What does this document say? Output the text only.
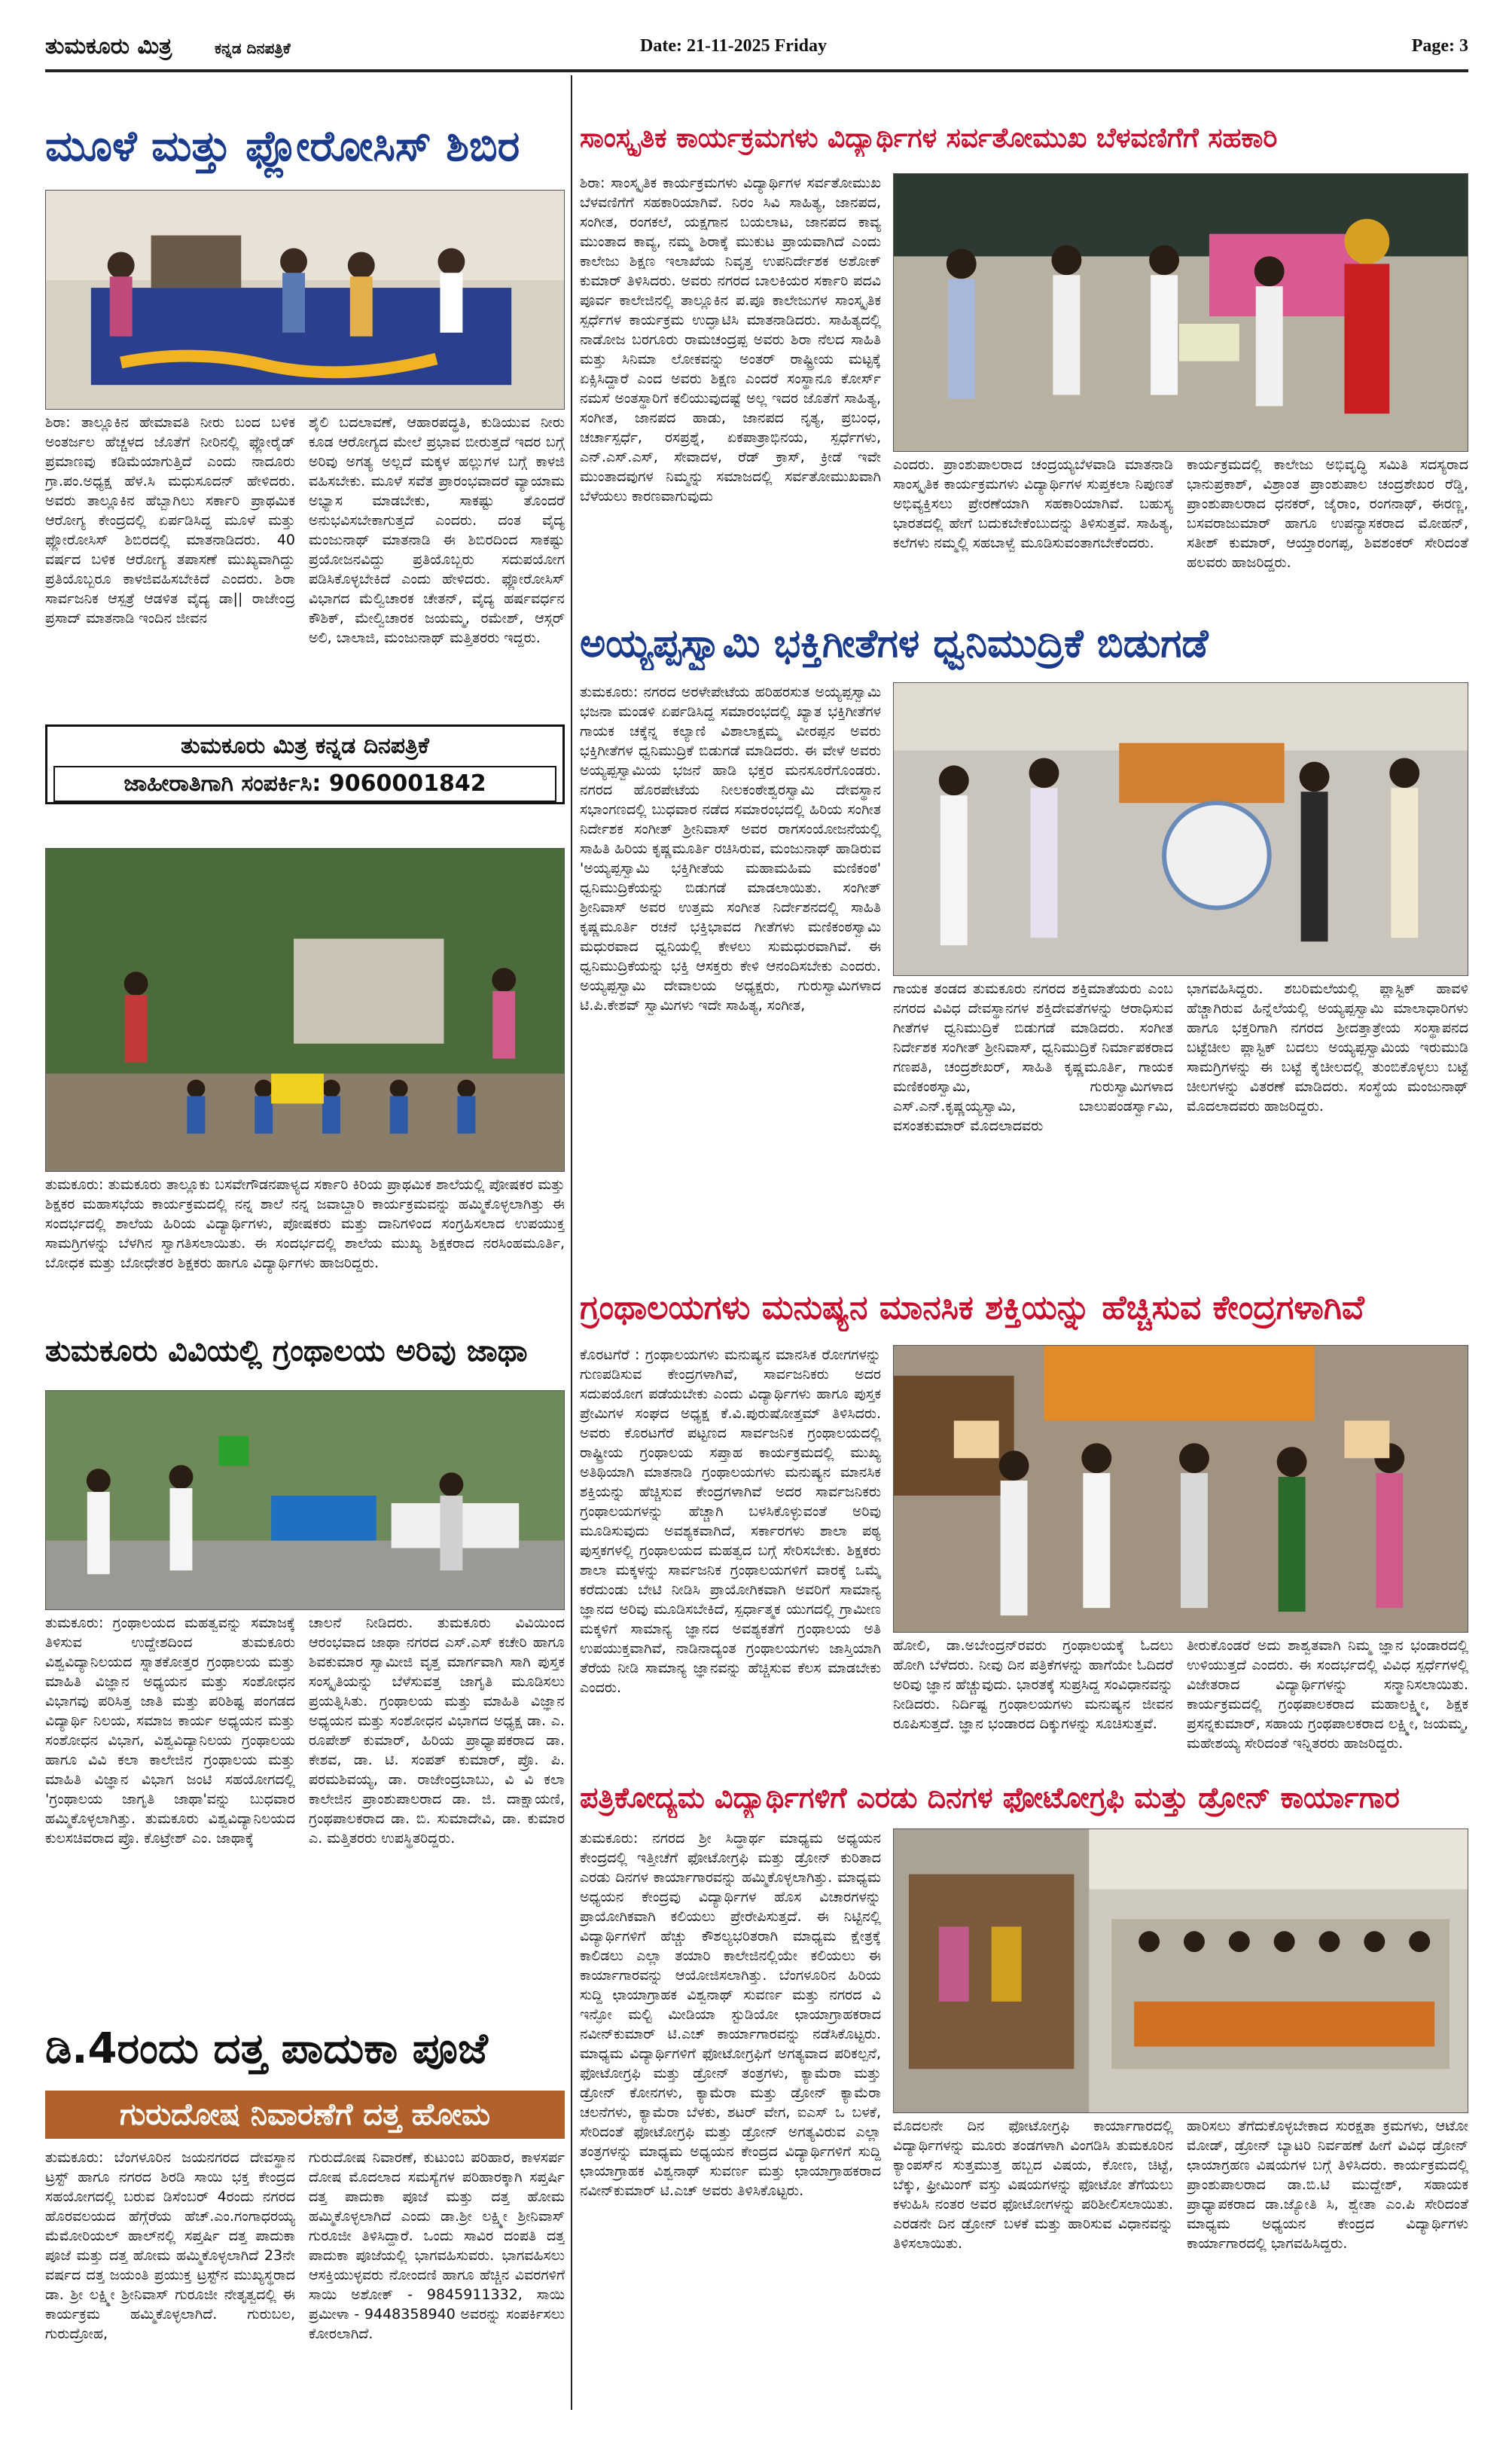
ತುಮಕೂರು ಮಿತ್ರ	ಕನ್ನಡ ದಿನಪತ್ರಿಕೆ	Date: 21-11-2025 Friday	Page: 3
ಮೂಳೆ ಮತ್ತು ಫ್ಲೋರೋಸಿಸ್ ಶಿಬಿರ
ಶಿರಾ: ತಾಲ್ಲೂಕಿನ ಹೇಮಾವತಿ ನೀರು ಬಂದ ಬಳಿಕ ಅಂತರ್ಜಲ ಹೆಚ್ಚಳದ ಜೊತೆಗೆ ನೀರಿನಲ್ಲಿ ಫ್ಲೋರೈಡ್ ಪ್ರಮಾಣವು ಕಡಿಮೆಯಾಗುತ್ತಿದೆ ಎಂದು ನಾದೂರು ಗ್ರಾ.ಪಂ.ಅಧ್ಯಕ್ಷ ಹೆಳ.ಸಿ ಮಧುಸೂದನ್ ಹೇಳಿದರು. ಅವರು ತಾಲ್ಲೂಕಿನ ಹೆಬ್ಬಾಗಿಲು ಸರ್ಕಾರಿ ಪ್ರಾಥಮಿಕ ಆರೋಗ್ಯ ಕೇಂದ್ರದಲ್ಲಿ ಏರ್ಪಡಿಸಿದ್ದ ಮೂಳೆ ಮತ್ತು ಫ್ಲೋರೋಸಿಸ್ ಶಿಬಿರದಲ್ಲಿ ಮಾತನಾಡಿದರು. 40 ವರ್ಷದ ಬಳಿಕ ಆರೋಗ್ಯ ತಪಾಸಣೆ ಮುಖ್ಯವಾಗಿದ್ದು ಪ್ರತಿಯೊಬ್ಬರೂ ಕಾಳಜಿವಹಿಸಬೇಕಿದೆ ಎಂದರು. ಶಿರಾ ಸಾರ್ವಜನಿಕ ಆಸ್ಪತ್ರೆ ಆಡಳಿತ ವೈದ್ಯ ಡಾ|| ರಾಜೇಂದ್ರ ಪ್ರಸಾದ್ ಮಾತನಾಡಿ ಇಂದಿನ ಜೀವನ
ಶೈಲಿ ಬದಲಾವಣೆ, ಆಹಾರಪದ್ಧತಿ, ಕುಡಿಯುವ ನೀರು ಕೂಡ ಆರೋಗ್ಯದ ಮೇಲೆ ಪ್ರಭಾವ ಬೀರುತ್ತದೆ ಇದರ ಬಗ್ಗೆ ಅರಿವು ಅಗತ್ಯ ಅಲ್ಲದೆ ಮಕ್ಕಳ ಹಲ್ಲುಗಳ ಬಗ್ಗೆ ಕಾಳಜಿ ವಹಿಸಬೇಕು. ಮೂಳೆ ಸವೆತ ಪ್ರಾರಂಭವಾದರೆ ವ್ಯಾಯಾಮ ಅಭ್ಯಾಸ ಮಾಡಬೇಕು, ಸಾಕಷ್ಟು ತೊಂದರೆ ಅನುಭವಿಸಬೇಕಾಗುತ್ತದೆ ಎಂದರು. ದಂತ ವೈದ್ಯ ಮಂಜುನಾಥ್ ಮಾತನಾಡಿ ಈ ಶಿಬಿರದಿಂದ ಸಾಕಷ್ಟು ಪ್ರಯೋಜನವಿದ್ದು ಪ್ರತಿಯೊಬ್ಬರು ಸದುಪಯೋಗ ಪಡಿಸಿಕೊಳ್ಳಬೇಕಿದೆ ಎಂದು ಹೇಳಿದರು. ಫ್ಲೋರೋಸಿಸ್ ವಿಭಾಗದ ಮೆಲ್ವಿಚಾರಕ ಚೇತನ್, ವೈದ್ಯ ಹರ್ಷವರ್ಧನ ಕೌಶಿಕ್, ಮೇಲ್ವಿಚಾರಕ ಜಯಮ್ಮ, ರಮೇಶ್, ಆಸ್ಗರ್ ಅಲಿ, ಬಾಲಾಜಿ, ಮಂಜುನಾಥ್ ಮತ್ತಿತರರು ಇದ್ದರು.
ತುಮಕೂರು ಮಿತ್ರ ಕನ್ನಡ ದಿನಪತ್ರಿಕೆ
ಜಾಹೀರಾತಿಗಾಗಿ ಸಂಪರ್ಕಿಸಿ: 9060001842
ತುಮಕೂರು: ತುಮಕೂರು ತಾಲ್ಲೂಕು ಬಸವೇಗೌಡನಪಾಳ್ಯದ ಸರ್ಕಾರಿ ಕಿರಿಯ ಪ್ರಾಥಮಿಕ ಶಾಲೆಯಲ್ಲಿ ಪೋಷಕರ ಮತ್ತು ಶಿಕ್ಷಕರ ಮಹಾಸಭೆಯ ಕಾರ್ಯಕ್ರಮದಲ್ಲಿ ನನ್ನ ಶಾಲೆ ನನ್ನ ಜವಾಬ್ದಾರಿ ಕಾರ್ಯಕ್ರಮವನ್ನು ಹಮ್ಮಿಕೊಳ್ಳಲಾಗಿತ್ತು ಈ ಸಂದರ್ಭದಲ್ಲಿ ಶಾಲೆಯ ಹಿರಿಯ ವಿದ್ಯಾರ್ಥಿಗಳು, ಪೋಷಕರು ಮತ್ತು ದಾನಿಗಳಿಂದ ಸಂಗ್ರಹಿಸಲಾದ ಉಪಯುಕ್ತ ಸಾಮಗ್ರಿಗಳನ್ನು ಬೆಳಗಿನ ಸ್ವಾಗತಿಸಲಾಯಿತು. ಈ ಸಂದರ್ಭದಲ್ಲಿ ಶಾಲೆಯ ಮುಖ್ಯ ಶಿಕ್ಷಕರಾದ ನರಸಿಂಹಮೂರ್ತಿ, ಬೋಧಕ ಮತ್ತು ಬೋಧೇತರ ಶಿಕ್ಷಕರು ಹಾಗೂ ವಿದ್ಯಾರ್ಥಿಗಳು ಹಾಜರಿದ್ದರು.
ತುಮಕೂರು ವಿವಿಯಲ್ಲಿ ಗ್ರಂಥಾಲಯ ಅರಿವು ಜಾಥಾ
ತುಮಕೂರು: ಗ್ರಂಥಾಲಯದ ಮಹತ್ವವನ್ನು ಸಮಾಜಕ್ಕೆ ತಿಳಿಸುವ ಉದ್ದೇಶದಿಂದ ತುಮಕೂರು ವಿಶ್ವವಿದ್ಯಾನಿಲಯದ ಸ್ನಾತಕೋತ್ತರ ಗ್ರಂಥಾಲಯ ಮತ್ತು ಮಾಹಿತಿ ವಿಜ್ಞಾನ ಅಧ್ಯಯನ ಮತ್ತು ಸಂಶೋಧನ ವಿಭಾಗವು ಪರಿಸಿತ್ತ ಜಾತಿ ಮತ್ತು ಪರಿಶಿಷ್ಟ ಪಂಗಡದ ವಿದ್ಯಾರ್ಥಿ ನಿಲಯ, ಸಮಾಜ ಕಾರ್ಯ ಅಧ್ಯಯನ ಮತ್ತು ಸಂಶೋಧನ ವಿಭಾಗ, ವಿಶ್ವವಿದ್ಯಾನಿಲಯ ಗ್ರಂಥಾಲಯ ಹಾಗೂ ವಿವಿ ಕಲಾ ಕಾಲೇಜಿನ ಗ್ರಂಥಾಲಯ ಮತ್ತು ಮಾಹಿತಿ ವಿಜ್ಞಾನ ವಿಭಾಗ ಜಂಟಿ ಸಹಯೋಗದಲ್ಲಿ 'ಗ್ರಂಥಾಲಯ ಜಾಗೃತಿ ಜಾಥಾ'ವನ್ನು ಬುಧವಾರ ಹಮ್ಮಿಕೊಳ್ಳಲಾಗಿತ್ತು. ತುಮಕೂರು ವಿಶ್ವವಿದ್ಯಾನಿಲಯದ ಕುಲಸಚಿವರಾದ ಪ್ರೊ. ಕೊಟ್ರೇಶ್ ಎಂ. ಜಾಥಾಕ್ಕೆ
ಚಾಲನೆ ನೀಡಿದರು. ತುಮಕೂರು ವಿವಿಯಿಂದ ಆರಂಭವಾದ ಜಾಥಾ ನಗರದ ಎಸ್.ಎಸ್ ಕಚೇರಿ ಹಾಗೂ ಶಿವಕುಮಾರ ಸ್ವಾಮೀಜಿ ವೃತ್ತ ಮಾರ್ಗವಾಗಿ ಸಾಗಿ ಪುಸ್ತಕ ಸಂಸ್ಕೃತಿಯನ್ನು ಬೆಳೆಸುವತ್ತ ಜಾಗೃತಿ ಮೂಡಿಸಲು ಪ್ರಯತ್ನಿಸಿತು. ಗ್ರಂಥಾಲಯ ಮತ್ತು ಮಾಹಿತಿ ವಿಜ್ಞಾನ ಅಧ್ಯಯನ ಮತ್ತು ಸಂಶೋಧನ ವಿಭಾಗದ ಅಧ್ಯಕ್ಷ ಡಾ. ಎ. ರೂಪೇಶ್ ಕುಮಾರ್, ಹಿರಿಯ ಪ್ರಾಧ್ಯಾಪಕರಾದ ಡಾ. ಕೇಶವ, ಡಾ. ಟಿ. ಸಂಪತ್ ಕುಮಾರ್, ಪ್ರೊ. ಪಿ. ಪರಮಶಿವಯ್ಯ, ಡಾ. ರಾಜೇಂದ್ರಬಾಬು, ವಿ ವಿ ಕಲಾ ಕಾಲೇಜಿನ ಪ್ರಾಂಶುಪಾಲರಾದ ಡಾ. ಜಿ. ದಾಕ್ಷಾಯಣಿ, ಗ್ರಂಥಪಾಲಕರಾದ ಡಾ. ಬಿ. ಸುಮಾದೇವಿ, ಡಾ. ಕುಮಾರ ಎ. ಮತ್ತಿತರರು ಉಪಸ್ಥಿತರಿದ್ದರು.
ಡಿ.4ರಂದು ದತ್ತ ಪಾದುಕಾ ಪೂಜೆ
ಗುರುದೋಷ ನಿವಾರಣೆಗೆ ದತ್ತ ಹೋಮ
ತುಮಕೂರು: ಬೆಂಗಳೂರಿನ ಜಯನಗರದ ದೇವಸ್ಥಾನ ಟ್ರಸ್ಟ್ ಹಾಗೂ ನಗರದ ಶಿರಡಿ ಸಾಯಿ ಭಕ್ತ ಕೇಂದ್ರದ ಸಹಯೋಗದಲ್ಲಿ ಬರುವ ಡಿಸೆಂಬರ್ 4ರಂದು ನಗರದ ಹೊರವಲಯದ ಹೆಗ್ಗೆರೆಯ ಹೆಚ್.ಎಂ.ಗಂಗಾಧರಯ್ಯ ಮೆಮೋರಿಯಲ್ ಹಾಲ್‌ನಲ್ಲಿ ಸಪ್ತರ್ಷಿ ದತ್ತ ಪಾದುಕಾ ಪೂಜೆ ಮತ್ತು ದತ್ತ ಹೋಮ ಹಮ್ಮಿಕೊಳ್ಳಲಾಗಿದೆ 23ನೇ ವರ್ಷದ ದತ್ತ ಜಯಂತಿ ಪ್ರಯುಕ್ತ ಟ್ರಸ್ಟ್‌ನ ಮುಖ್ಯಸ್ಥರಾದ ಡಾ. ಶ್ರೀ ಲಕ್ಷ್ಮೀ ಶ್ರೀನಿವಾಸ್ ಗುರೂಜೀ ನೇತೃತ್ವದಲ್ಲಿ ಈ ಕಾರ್ಯಕ್ರಮ ಹಮ್ಮಿಕೊಳ್ಳಲಾಗಿದೆ. ಗುರುಬಲ, ಗುರುದ್ರೋಹ,
ಗುರುದೋಷ ನಿವಾರಣೆ, ಕುಟುಂಬ ಪರಿಹಾರ, ಕಾಳಸರ್ಪ ದೋಷ ಮೊದಲಾದ ಸಮಸ್ಯೆಗಳ ಪರಿಹಾರಕ್ಕಾಗಿ ಸಪ್ತರ್ಷಿ ದತ್ತ ಪಾದುಕಾ ಪೂಜೆ ಮತ್ತು ದತ್ತ ಹೋಮ ಹಮ್ಮಿಕೊಳ್ಳಲಾಗಿದೆ ಎಂದು ಡಾ.ಶ್ರೀ ಲಕ್ಷ್ಮೀ ಶ್ರೀನಿವಾಸ್ ಗುರೂಜೀ ತಿಳಿಸಿದ್ದಾರೆ. ಒಂದು ಸಾವಿರ ದಂಪತಿ ದತ್ತ ಪಾದುಕಾ ಪೂಜೆಯಲ್ಲಿ ಭಾಗವಹಿಸುವರು. ಭಾಗವಹಿಸಲು ಆಸಕ್ತಿಯುಳ್ಳವರು ನೋಂದಣಿ ಹಾಗೂ ಹೆಚ್ಚಿನ ವಿವರಗಳಿಗೆ ಸಾಯಿ ಅಶೋಕ್ - 9845911332, ಸಾಯಿ ಪ್ರಮೀಳಾ - 9448358940 ಅವರನ್ನು ಸಂಪರ್ಕಿಸಲು ಕೋರಲಾಗಿದೆ.
ಸಾಂಸ್ಕೃತಿಕ ಕಾರ್ಯಕ್ರಮಗಳು ವಿದ್ಯಾರ್ಥಿಗಳ ಸರ್ವತೋಮುಖ ಬೆಳವಣಿಗೆಗೆ ಸಹಕಾರಿ
ಶಿರಾ: ಸಾಂಸ್ಕೃತಿಕ ಕಾರ್ಯಕ್ರಮಗಳು ವಿದ್ಯಾರ್ಥಿಗಳ ಸರ್ವತೋಮುಖ ಬೆಳವಣಿಗೆಗೆ ಸಹಕಾರಿಯಾಗಿವೆ. ನಿರಂ ಸಿವಿ ಸಾಹಿತ್ಯ, ಜಾನಪದ, ಸಂಗೀತ, ರಂಗಕಲೆ, ಯಕ್ಷಗಾನ ಬಯಲಾಟ, ಜಾನಪದ ಕಾವ್ಯ ಮುಂತಾದ ಕಾವ್ಯ, ನಮ್ಮ ಶಿರಾಕ್ಕೆ ಮುಕುಟ ಪ್ರಾಯವಾಗಿದೆ ಎಂದು ಕಾಲೇಜು ಶಿಕ್ಷಣ ಇಲಾಖೆಯ ನಿವೃತ್ತ ಉಪನಿರ್ದೇಶಕ ಅಶೋಕ್ ಕುಮಾರ್ ತಿಳಿಸಿದರು. ಅವರು ನಗರದ ಬಾಲಕಿಯರ ಸರ್ಕಾರಿ ಪದವಿ ಪೂರ್ವ ಕಾಲೇಜಿನಲ್ಲಿ ತಾಲ್ಲೂಕಿನ ಪ.ಪೂ ಕಾಲೇಜುಗಳ ಸಾಂಸ್ಕೃತಿಕ ಸ್ಪರ್ಧೆಗಳ ಕಾರ್ಯಕ್ರಮ ಉದ್ಘಾಟಿಸಿ ಮಾತನಾಡಿದರು. ಸಾಹಿತ್ಯದಲ್ಲಿ ನಾಡೋಜ ಬರಗೂರು ರಾಮಚಂದ್ರಪ್ಪ ಅವರು ಶಿರಾ ನೆಲದ ಸಾಹಿತಿ ಮತ್ತು ಸಿನಿಮಾ ಲೋಕವನ್ನು ಅಂತರ್ ರಾಷ್ಟ್ರೀಯ ಮಟ್ಟಕ್ಕೆ ಏಕ್ಸಿಸಿದ್ದಾರೆ ಎಂದ ಅವರು ಶಿಕ್ಷಣ ಎಂದರೆ ಸಂಸ್ಥಾನೂ ಕೋರ್ಸ್ ನಮಸೆ ಅಂತಸ್ಥಾರಿಗೆ ಕಲಿಯುವುದಷ್ಟೆ ಅಲ್ಲ ಇದರ ಜೊತೆಗೆ ಸಾಹಿತ್ಯ, ಸಂಗೀತ, ಜಾನಪದ ಹಾಡು, ಜಾನಪದ ನೃತ್ಯ, ಪ್ರಬಂಧ, ಚರ್ಚಾಸ್ಪರ್ಧೆ, ರಸಪ್ರಶ್ನೆ, ಏಕಪಾತ್ರಾಭಿನಯ, ಸ್ಪರ್ಧೆಗಳು, ಎನ್.ಎಸ್.ಎಸ್, ಸೇವಾದಳ, ರೆಡ್ ಕ್ರಾಸ್, ಕ್ರೀಡೆ ಇವೇ ಮುಂತಾದವುಗಳ ನಿಮ್ಮನ್ನು ಸಮಾಜದಲ್ಲಿ ಸರ್ವತೋಮುಖವಾಗಿ ಬೆಳೆಯಲು ಕಾರಣವಾಗುವುದು
ಎಂದರು. ಪ್ರಾಂಶುಪಾಲರಾದ ಚಂದ್ರಯ್ಯಬೆಳವಾಡಿ ಮಾತನಾಡಿ ಸಾಂಸ್ಕೃತಿಕ ಕಾರ್ಯಕ್ರಮಗಳು ವಿದ್ಯಾರ್ಥಿಗಳ ಸುಪ್ತಕಲಾ ನಿಪುಣತೆ ಅಭಿವ್ಯಕ್ತಿಸಲು ಪ್ರೇರಣೆಯಾಗಿ ಸಹಕಾರಿಯಾಗಿವೆ. ಬಹುಸ್ಯ ಭಾರತದಲ್ಲಿ ಹೇಗೆ ಬದುಕಬೇಕೆಂಬುದನ್ನು ತಿಳಿಸುತ್ತವೆ. ಸಾಹಿತ್ಯ, ಕಲೆಗಳು ನಮ್ಮಲ್ಲಿ ಸಹಬಾಳ್ವೆ ಮೂಡಿಸುವಂತಾಗಬೇಕೆಂದರು.
ಕಾರ್ಯಕ್ರಮದಲ್ಲಿ ಕಾಲೇಜು ಅಭಿವೃದ್ಧಿ ಸಮಿತಿ ಸದಸ್ಯರಾದ ಭಾನುಪ್ರಕಾಶ್, ವಿಶ್ರಾಂತ ಪ್ರಾಂಶುಪಾಲ ಚಂದ್ರಶೇಖರ ರೆಡ್ಡಿ, ಪ್ರಾಂಶುಪಾಲರಾದ ಧನಕರ್, ಜೈರಾಂ, ರಂಗನಾಥ್, ಈರಣ್ಣ, ಬಸವರಾಜುಮಾರ್ ಹಾಗೂ ಉಪನ್ಯಾಸಕರಾದ ಮೋಹನ್, ಸತೀಶ್ ಕುಮಾರ್, ಆಯ್ತಾರಂಗಪ್ಪ, ಶಿವಶಂಕರ್ ಸೇರಿದಂತೆ ಹಲವರು ಹಾಜರಿದ್ದರು.
ಅಯ್ಯಪ್ಪಸ್ವಾಮಿ ಭಕ್ತಿಗೀತೆಗಳ ಧ್ವನಿಮುದ್ರಿಕೆ ಬಿಡುಗಡೆ
ತುಮಕೂರು: ನಗರದ ಅರಳೇಪೇಟೆಯ ಹರಿಹರಸುತ ಅಯ್ಯಪ್ಪಸ್ವಾಮಿ ಭಜನಾ ಮಂಡಳಿ ಏರ್ಪಡಿಸಿದ್ದ ಸಮಾರಂಭದಲ್ಲಿ ಖ್ಯಾತ ಭಕ್ತಿಗೀತೆಗಳ ಗಾಯಕ ಚಕ್ಕೆನ್ನ ಕಲ್ಯಾಣಿ ವಿಶಾಲಾಕ್ಷಮ್ಮ ವೀರಪ್ಪನ ಅವರು ಭಕ್ತಿಗೀತೆಗಳ ಧ್ವನಿಮುದ್ರಿಕೆ ಬಿಡುಗಡೆ ಮಾಡಿದರು. ಈ ವೇಳೆ ಅವರು ಅಯ್ಯಪ್ಪಸ್ವಾಮಿಯ ಭಜನೆ ಹಾಡಿ ಭಕ್ತರ ಮನಸೂರೆಗೊಂಡರು. ನಗರದ ಹೊರಪೇಟೆಯ ನೀಲಕಂಠೇಶ್ವರಸ್ವಾಮಿ ದೇವಸ್ಥಾನ ಸಭಾಂಗಣದಲ್ಲಿ ಬುಧವಾರ ನಡೆದ ಸಮಾರಂಭದಲ್ಲಿ ಹಿರಿಯ ಸಂಗೀತ ನಿರ್ದೇಶಕ ಸಂಗೀತ್ ಶ್ರೀನಿವಾಸ್ ಅವರ ರಾಗಸಂಯೋಜನೆಯಲ್ಲಿ ಸಾಹಿತಿ ಹಿರಿಯ ಕೃಷ್ಣಮೂರ್ತಿ ರಚಿಸಿರುವ, ಮಂಜುನಾಥ್ ಹಾಡಿರುವ 'ಅಯ್ಯಪ್ಪಸ್ವಾಮಿ ಭಕ್ತಿಗೀತೆಯ ಮಹಾಮಹಿಮ ಮಣಿಕಂಠ' ಧ್ವನಿಮುದ್ರಿಕೆಯನ್ನು ಬಿಡುಗಡೆ ಮಾಡಲಾಯಿತು. ಸಂಗೀತ್ ಶ್ರೀನಿವಾಸ್ ಅವರ ಉತ್ತಮ ಸಂಗೀತ ನಿರ್ದೇಶನದಲ್ಲಿ ಸಾಹಿತಿ ಕೃಷ್ಣಮೂರ್ತಿ ರಚನೆ ಭಕ್ತಿಭಾವದ ಗೀತೆಗಳು ಮಣಿಕಂಠಸ್ವಾಮಿ ಮಧುರವಾದ ಧ್ವನಿಯಲ್ಲಿ ಕೇಳಲು ಸುಮಧುರವಾಗಿವೆ. ಈ ಧ್ವನಿಮುದ್ರಿಕೆಯನ್ನು ಭಕ್ತಿ ಆಸಕ್ತರು ಕೇಳಿ ಆನಂದಿಸಬೇಕು ಎಂದರು. ಅಯ್ಯಪ್ಪಸ್ವಾಮಿ ದೇವಾಲಯ ಅಧ್ಯಕ್ಷರು, ಗುರುಸ್ವಾಮಿಗಳಾದ ಟಿ.ಪಿ.ಕೇಶವ್ ಸ್ವಾಮಿಗಳು ಇದೇ ಸಾಹಿತ್ಯ, ಸಂಗೀತ,
ಗಾಯಕ ತಂಡದ ತುಮಕೂರು ನಗರದ ಶಕ್ತಿಮಾತೆಯರು ಎಂಬ ನಗರದ ವಿವಿಧ ದೇವಸ್ಥಾನಗಳ ಶಕ್ತಿದೇವತೆಗಳನ್ನು ಆರಾಧಿಸುವ ಗೀತೆಗಳ ಧ್ವನಿಮುದ್ರಿಕೆ ಬಿಡುಗಡೆ ಮಾಡಿದರು. ಸಂಗೀತ ನಿರ್ದೇಶಕ ಸಂಗೀತ್ ಶ್ರೀನಿವಾಸ್, ಧ್ವನಿಮುದ್ರಿಕೆ ನಿರ್ಮಾಪಕರಾದ ಗಣಪತಿ, ಚಂದ್ರಶೇಖರ್, ಸಾಹಿತಿ ಕೃಷ್ಣಮೂರ್ತಿ, ಗಾಯಕ ಮಣಿಕಂಠಸ್ವಾಮಿ, ಗುರುಸ್ವಾಮಿಗಳಾದ ಎಸ್.ಎನ್.ಕೃಷ್ಣಯ್ಯಸ್ವಾಮಿ, ಬಾಲುಪಂಡರ್ಸ್ವಾಮಿ, ವಸಂತಕುಮಾರ್ ಮೊದಲಾದವರು
ಭಾಗವಹಿಸಿದ್ದರು. ಶಬರಿಮಲೆಯಲ್ಲಿ ಪ್ಲಾಸ್ಟಿಕ್ ಹಾವಳಿ ಹೆಚ್ಚಾಗಿರುವ ಹಿನ್ನೆಲೆಯಲ್ಲಿ ಅಯ್ಯಪ್ಪಸ್ವಾಮಿ ಮಾಲಾಧಾರಿಗಳು ಹಾಗೂ ಭಕ್ತರಿಗಾಗಿ ನಗರದ ಶ್ರೀದತ್ತಾತ್ರೇಯ ಸಂಸ್ಥಾಪನದ ಬಟ್ಟೆಚೀಲ ಪ್ಲಾಸ್ಟಿಕ್ ಬದಲು ಅಯ್ಯಪ್ಪಸ್ವಾಮಿಯ ಇರುಮುಡಿ ಸಾಮಗ್ರಿಗಳನ್ನು ಈ ಬಟ್ಟೆ ಕೈಚೀಲದಲ್ಲಿ ತುಂಬಿಕೊಳ್ಳಲು ಬಟ್ಟೆ ಚೀಲಗಳನ್ನು ವಿತರಣೆ ಮಾಡಿದರು. ಸಂಸ್ಥೆಯ ಮಂಜುನಾಥ್ ಮೊದಲಾದವರು ಹಾಜರಿದ್ದರು.
ಗ್ರಂಥಾಲಯಗಳು ಮನುಷ್ಯನ ಮಾನಸಿಕ ಶಕ್ತಿಯನ್ನು ಹೆಚ್ಚಿಸುವ ಕೇಂದ್ರಗಳಾಗಿವೆ
ಕೊರಟಗೆರೆ : ಗ್ರಂಥಾಲಯಗಳು ಮನುಷ್ಯನ ಮಾನಸಿಕ ರೋಗಗಳನ್ನು ಗುಣಪಡಿಸುವ ಕೇಂದ್ರಗಳಾಗಿವೆ, ಸಾರ್ವಜನಿಕರು ಅದರ ಸದುಪಯೋಗ ಪಡೆಯಬೇಕು ಎಂದು ವಿದ್ಯಾರ್ಥಿಗಳು ಹಾಗೂ ಪುಸ್ತಕ ಪ್ರೇಮಿಗಳ ಸಂಘದ ಅಧ್ಯಕ್ಷ ಕೆ.ವಿ.ಪುರುಷೋತ್ತಮ್ ತಿಳಿಸಿದರು. ಅವರು ಕೊರಟಗೆರೆ ಪಟ್ಟಣದ ಸಾರ್ವಜನಿಕ ಗ್ರಂಥಾಲಯದಲ್ಲಿ ರಾಷ್ಟ್ರೀಯ ಗ್ರಂಥಾಲಯ ಸಪ್ತಾಹ ಕಾರ್ಯಕ್ರಮದಲ್ಲಿ ಮುಖ್ಯ ಅತಿಥಿಯಾಗಿ ಮಾತನಾಡಿ ಗ್ರಂಥಾಲಯಗಳು ಮನುಷ್ಯನ ಮಾನಸಿಕ ಶಕ್ತಿಯನ್ನು ಹೆಚ್ಚಿಸುವ ಕೇಂದ್ರಗಳಾಗಿವೆ ಅದರ ಸಾರ್ವಜನಿಕರು ಗ್ರಂಥಾಲಯಗಳನ್ನು ಹೆಚ್ಚಾಗಿ ಬಳಸಿಕೊಳ್ಳುವಂತೆ ಅರಿವು ಮೂಡಿಸುವುದು ಅವಶ್ಯಕವಾಗಿದೆ, ಸರ್ಕಾರಗಳು ಶಾಲಾ ಪಠ್ಯ ಪುಸ್ತಕಗಳಲ್ಲಿ ಗ್ರಂಥಾಲಯದ ಮಹತ್ವದ ಬಗ್ಗೆ ಸೇರಿಸಬೇಕು. ಶಿಕ್ಷಕರು ಶಾಲಾ ಮಕ್ಕಳನ್ನು ಸಾರ್ವಜನಿಕ ಗ್ರಂಥಾಲಯಗಳಿಗೆ ವಾರಕ್ಕೆ ಒಮ್ಮೆ ಕರೆದುಂಡು ಬೇಟಿ ನೀಡಿಸಿ ಪ್ರಾಯೋಗಿಕವಾಗಿ ಅವರಿಗೆ ಸಾಮಾನ್ಯ ಜ್ಞಾನದ ಅರಿವು ಮೂಡಿಸಬೇಕಿದೆ, ಸ್ಪರ್ಧಾತ್ಮಕ ಯುಗದಲ್ಲಿ ಗ್ರಾಮೀಣ ಮಕ್ಕಳಿಗೆ ಸಾಮಾನ್ಯ ಜ್ಞಾನದ ಅವಶ್ಯಕತೆಗೆ ಗ್ರಂಥಾಲಯ ಅತಿ ಉಪಯುಕ್ತವಾಗಿವೆ, ನಾಡಿನಾದ್ಯಂತ ಗ್ರಂಥಾಲಯಗಳು ಜಾಸ್ತಿಯಾಗಿ ತೆರೆಯ ನೀಡಿ ಸಾಮಾನ್ಯ ಜ್ಞಾನವನ್ನು ಹೆಚ್ಚಿಸುವ ಕೆಲಸ ಮಾಡಬೇಕು ಎಂದರು.
ಹೋಲಿ, ಡಾ.ಅಬೇಂದ್ರನ್‌ರವರು ಗ್ರಂಥಾಲಯಕ್ಕೆ ಓದಲು ಹೋಗಿ ಬೆಳೆದರು. ನೀವು ದಿನ ಪತ್ರಿಕೆಗಳನ್ನು ಹಾಗೆಯೇ ಓದಿದರೆ ಅರಿವು ಜ್ಞಾನ ಹೆಚ್ಚುವುದು. ಭಾರತಕ್ಕೆ ಸುಪ್ರಸಿದ್ದ ಸಂವಿಧಾನವನ್ನು ನೀಡಿದರು. ನಿರ್ದಿಷ್ಟ ಗ್ರಂಥಾಲಯಗಳು ಮನುಷ್ಯನ ಜೀವನ ರೂಪಿಸುತ್ತದೆ. ಜ್ಞಾನ ಭಂಡಾರದ ದಿಕ್ಕುಗಳನ್ನು ಸೂಚಿಸುತ್ತವೆ.
ತೀರುಕೊಂಡರೆ ಅದು ಶಾಶ್ವತವಾಗಿ ನಿಮ್ಮ ಜ್ಞಾನ ಭಂಡಾರದಲ್ಲಿ ಉಳಿಯುತ್ತದೆ ಎಂದರು. ಈ ಸಂದರ್ಭದಲ್ಲಿ ವಿವಿಧ ಸ್ಪರ್ಧೆಗಳಲ್ಲಿ ವಿಜೇತರಾದ ವಿದ್ಯಾರ್ಥಿಗಳನ್ನು ಸನ್ಮಾನಿಸಲಾಯಿತು. ಕಾರ್ಯಕ್ರಮದಲ್ಲಿ ಗ್ರಂಥಪಾಲಕರಾದ ಮಹಾಲಕ್ಷ್ಮೀ, ಶಿಕ್ಷಕ ಪ್ರಸನ್ನಕುಮಾರ್, ಸಹಾಯ ಗ್ರಂಥಪಾಲಕರಾದ ಲಕ್ಷ್ಮೀ, ಜಯಮ್ಮ, ಮಹೇಶಯ್ಯ ಸೇರಿದಂತೆ ಇನ್ನಿತರರು ಹಾಜರಿದ್ದರು.
ಪತ್ರಿಕೋದ್ಯಮ ವಿದ್ಯಾರ್ಥಿಗಳಿಗೆ ಎರಡು ದಿನಗಳ ಫೋಟೋಗ್ರಫಿ ಮತ್ತು ಡ್ರೋನ್ ಕಾರ್ಯಾಗಾರ
ತುಮಕೂರು: ನಗರದ ಶ್ರೀ ಸಿದ್ಧಾರ್ಥ ಮಾಧ್ಯಮ ಅಧ್ಯಯನ ಕೇಂದ್ರದಲ್ಲಿ ಇತ್ತೀಚೆಗೆ ಫೋಟೋಗ್ರಫಿ ಮತ್ತು ಡ್ರೋನ್ ಕುರಿತಾದ ಎರಡು ದಿನಗಳ ಕಾರ್ಯಾಗಾರವನ್ನು ಹಮ್ಮಿಕೊಳ್ಳಲಾಗಿತ್ತು. ಮಾಧ್ಯಮ ಅಧ್ಯಯನ ಕೇಂದ್ರವು ವಿದ್ಯಾರ್ಥಿಗಳ ಹೊಸ ವಿಚಾರಗಳನ್ನು ಪ್ರಾಯೋಗಿಕವಾಗಿ ಕಲಿಯಲು ಪ್ರೇರೇಪಿಸುತ್ತದೆ. ಈ ನಿಟ್ಟಿನಲ್ಲಿ ವಿದ್ಯಾರ್ಥಿಗಳಿಗೆ ಹೆಚ್ಚು ಕೌಶಲ್ಯಭರಿತರಾಗಿ ಮಾಧ್ಯಮ ಕ್ಷೇತ್ರಕ್ಕೆ ಕಾಲಿಡಲು ಎಲ್ಲಾ ತಯಾರಿ ಕಾಲೇಜಿನಲ್ಲಿಯೇ ಕಲಿಯಲು ಈ ಕಾರ್ಯಾಗಾರವನ್ನು ಆಯೋಜಿಸಲಾಗಿತ್ತು. ಬೆಂಗಳೂರಿನ ಹಿರಿಯ ಸುದ್ದಿ ಛಾಯಾಗ್ರಾಹಕ ವಿಶ್ವನಾಥ್ ಸುವರ್ಣ ಮತ್ತು ನಗರದ ವಿ ಇನ್ಫೋ ಮಲ್ಟಿ ಮೀಡಿಯಾ ಸ್ಟುಡಿಯೋ ಛಾಯಾಗ್ರಾಹಕರಾದ ನವೀನ್‌ಕುಮಾರ್ ಟಿ.ಎಚ್ ಕಾರ್ಯಾಗಾರವನ್ನು ನಡೆಸಿಕೊಟ್ಟರು. ಮಾಧ್ಯಮ ವಿದ್ಯಾರ್ಥಿಗಳಿಗೆ ಫೋಟೋಗ್ರಫಿಗೆ ಅಗತ್ಯವಾದ ಪರಿಕಲ್ಪನೆ, ಫೋಟೋಗ್ರಫಿ ಮತ್ತು ಡ್ರೋನ್ ತಂತ್ರಗಳು, ಕ್ಯಾಮೆರಾ ಮತ್ತು ಡ್ರೋನ್ ಕೋನಗಳು, ಕ್ಯಾಮೆರಾ ಮತ್ತು ಡ್ರೋನ್ ಕ್ಯಾಮೆರಾ ಚಲನೆಗಳು, ಕ್ಯಾಮೆರಾ ಬೆಳಕು, ಶಟರ್ ವೇಗ, ಐಎಸ್ ಒ ಬಳಕೆ, ಸೇರಿದಂತೆ ಫೋಟೋಗ್ರಫಿ ಮತ್ತು ಡ್ರೋನ್ ಅಗತ್ಯವಿರುವ ಎಲ್ಲಾ ತಂತ್ರಗಳನ್ನು ಮಾಧ್ಯಮ ಅಧ್ಯಯನ ಕೇಂದ್ರದ ವಿದ್ಯಾರ್ಥಿಗಳಿಗೆ ಸುದ್ದಿ ಛಾಯಾಗ್ರಾಹಕ ವಿಶ್ವನಾಥ್ ಸುವರ್ಣ ಮತ್ತು ಛಾಯಾಗ್ರಾಹಕರಾದ ನವೀನ್‌ಕುಮಾರ್ ಟಿ.ಎಚ್ ಅವರು ತಿಳಿಸಿಕೊಟ್ಟರು.
ಮೊದಲನೇ ದಿನ ಫೋಟೋಗ್ರಫಿ ಕಾರ್ಯಾಗಾರದಲ್ಲಿ ವಿದ್ಯಾರ್ಥಿಗಳನ್ನು ಮೂರು ತಂಡಗಳಾಗಿ ವಿಂಗಡಿಸಿ ತುಮಕೂರಿನ ಕ್ಯಾಂಪಸ್‌ನ ಸುತ್ತಮುತ್ತ ಹಬ್ಬದ ವಿಷಯ, ಕೋಣ, ಚಿಟ್ಟೆ, ಬೆಕ್ಕು, ಫ್ರೀಮಿಂಗ್ ವಸ್ತು ವಿಷಯಗಳನ್ನು ಫೋಟೋ ತೆಗೆಯಲು ಕಳುಹಿಸಿ ನಂತರ ಅವರ ಫೋಟೋಗಳನ್ನು ಪರಿಶೀಲಿಸಲಾಯಿತು. ಎರಡನೇ ದಿನ ಡ್ರೋನ್ ಬಳಕೆ ಮತ್ತು ಹಾರಿಸುವ ವಿಧಾನವನ್ನು ತಿಳಿಸಲಾಯಿತು.
ಹಾರಿಸಲು ತೆಗೆದುಕೊಳ್ಳಬೇಕಾದ ಸುರಕ್ಷತಾ ಕ್ರಮಗಳು, ಆಟೋ ಮೋಡ್, ಡ್ರೋನ್ ಬ್ಯಾಟರಿ ನಿರ್ವಹಣೆ ಹೀಗೆ ವಿವಿಧ ಡ್ರೋನ್ ಛಾಯಾಗ್ರಹಣ ವಿಷಯಗಳ ಬಗ್ಗೆ ತಿಳಿಸಿದರು. ಕಾರ್ಯಕ್ರಮದಲ್ಲಿ ಪ್ರಾಂಶುಪಾಲರಾದ ಡಾ.ಬಿ.ಟಿ ಮುದ್ದೇಶ್, ಸಹಾಯಕ ಪ್ರಾಧ್ಯಾಪಕರಾದ ಡಾ.ಜ್ಯೋತಿ ಸಿ, ಶ್ವೇತಾ ಎಂ.ಪಿ ಸೇರಿದಂತೆ ಮಾಧ್ಯಮ ಅಧ್ಯಯನ ಕೇಂದ್ರದ ವಿದ್ಯಾರ್ಥಿಗಳು ಕಾರ್ಯಾಗಾರದಲ್ಲಿ ಭಾಗವಹಿಸಿದ್ದರು.
